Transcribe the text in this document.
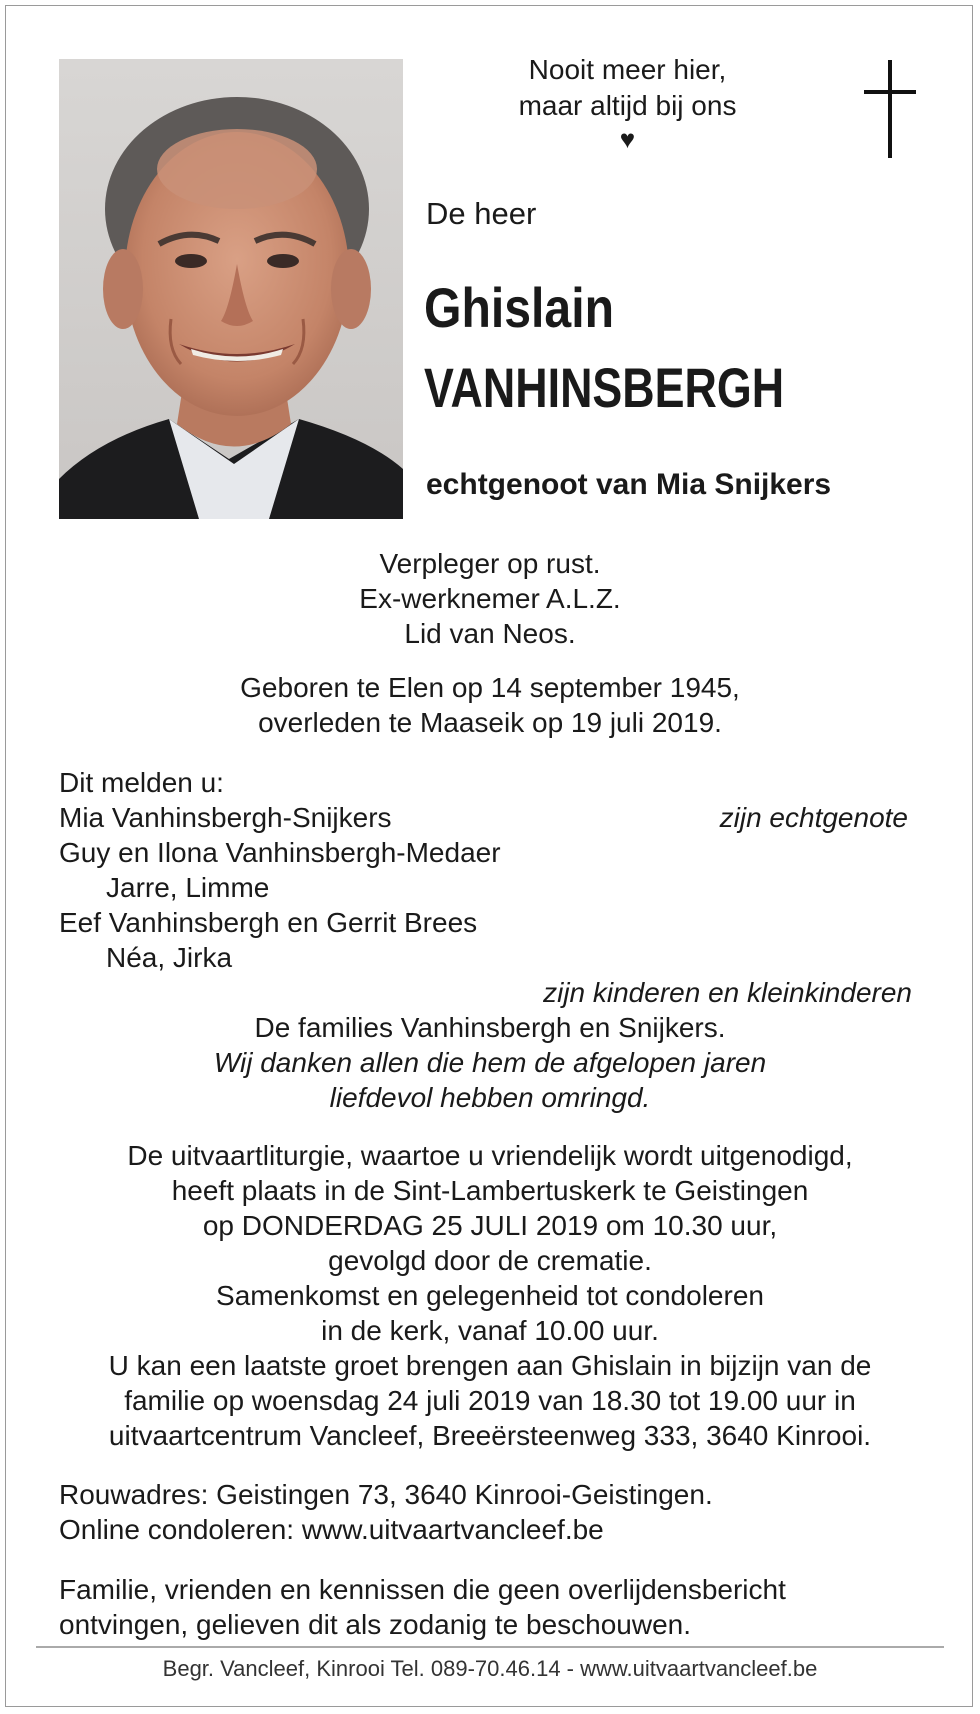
Nooit meer hier,
maar altijd bij ons
♥
De heer
Ghislain
VANHINSBERGH
echtgenoot van Mia Snijkers
Verpleger op rust.
Ex-werknemer A.L.Z.
Lid van Neos.
Geboren te Elen op 14 september 1945,
overleden te Maaseik op 19 juli 2019.
Dit melden u:
Mia Vanhinsbergh-Snijkers	zijn echtgenote
Guy en Ilona Vanhinsbergh-Medaer
Jarre, Limme
Eef Vanhinsbergh en Gerrit Brees
Néa, Jirka
zijn kinderen en kleinkinderen
De families Vanhinsbergh en Snijkers.
Wij danken allen die hem de afgelopen jaren
liefdevol hebben omringd.
De uitvaartliturgie, waartoe u vriendelijk wordt uitgenodigd,
heeft plaats in de Sint-Lambertuskerk te Geistingen
op DONDERDAG 25 JULI 2019 om 10.30 uur,
gevolgd door de crematie.
Samenkomst en gelegenheid tot condoleren
in de kerk, vanaf 10.00 uur.
U kan een laatste groet brengen aan Ghislain in bijzijn van de
familie op woensdag 24 juli 2019 van 18.30 tot 19.00 uur in
uitvaartcentrum Vancleef, Breeërsteenweg 333, 3640 Kinrooi.
Rouwadres: Geistingen 73, 3640 Kinrooi-Geistingen.
Online condoleren: www.uitvaartvancleef.be
Familie, vrienden en kennissen die geen overlijdensbericht
ontvingen, gelieven dit als zodanig te beschouwen.
Begr. Vancleef, Kinrooi Tel. 089-70.46.14 - www.uitvaartvancleef.be
